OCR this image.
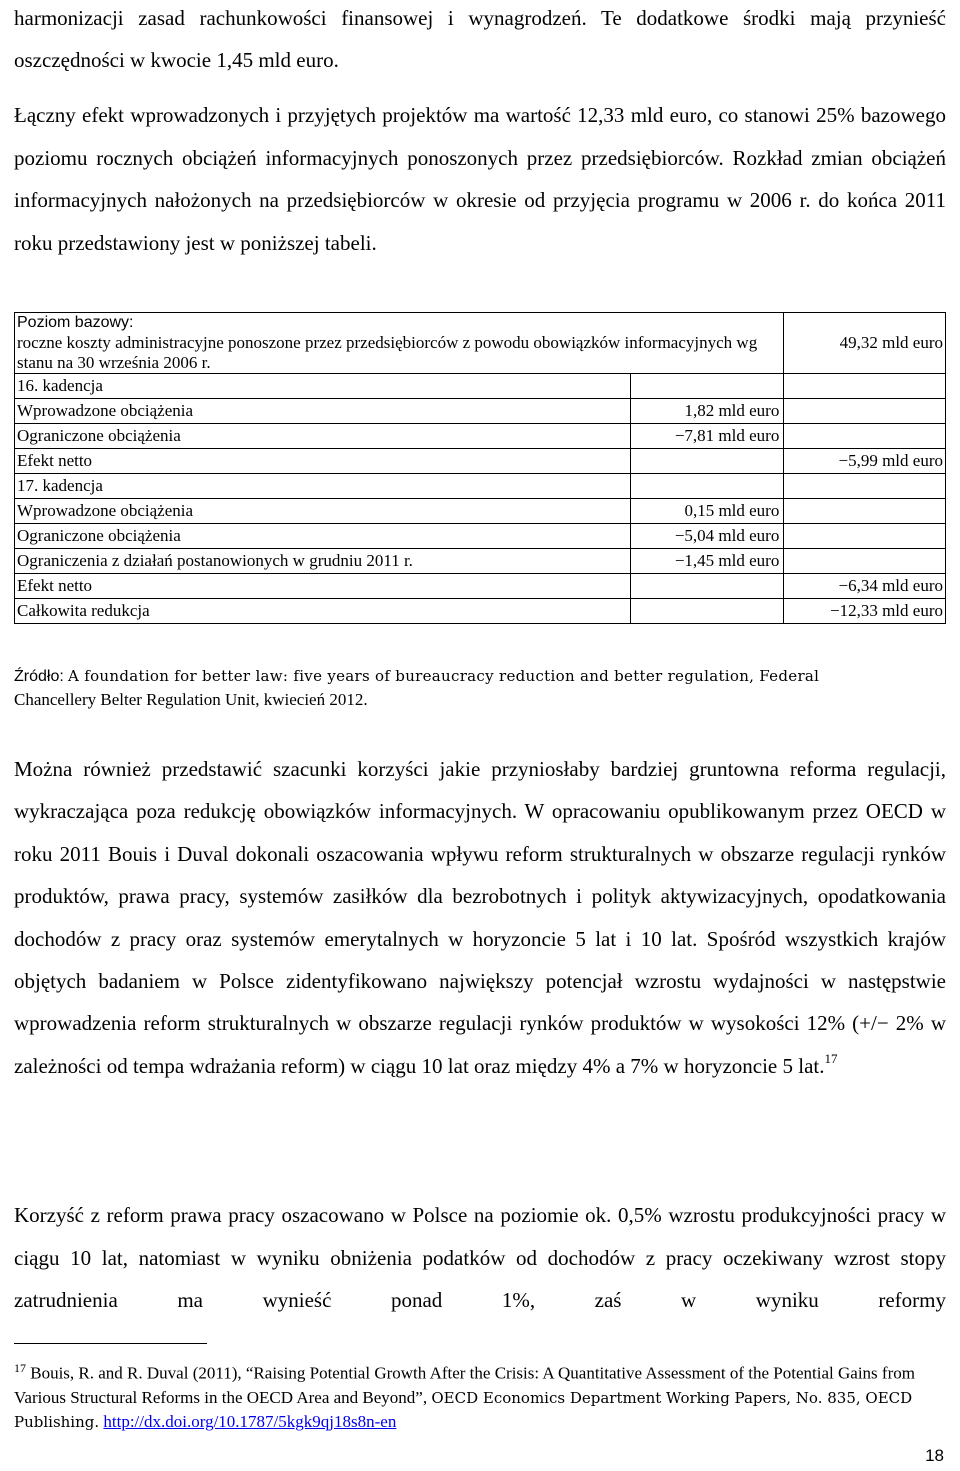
harmonizacji zasad rachunkowości finansowej i wynagrodzeń. Te dodatkowe środki mają przynieść oszczędności w kwocie 1,45 mld euro.

Łączny efekt wprowadzonych i przyjętych projektów ma wartość 12,33 mld euro, co stanowi 25% bazowego poziomu rocznych obciążeń informacyjnych ponoszonych przez przedsiębiorców. Rozkład zmian obciążeń informacyjnych nałożonych na przedsiębiorców w okresie od przyjęcia programu w 2006 r. do końca 2011 roku przedstawiony jest w poniższej tabeli.

Poziom bazowy:
roczne koszty administracyjne ponoszone przez przedsiębiorców z powodu obowiązków informacyjnych wg stanu na 30 września 2006 r.		49,32 mld euro
16. kadencja		
Wprowadzone obciążenia	1,82 mld euro	
Ograniczone obciążenia	−7,81 mld euro	
Efekt netto		−5,99 mld euro
17. kadencja		
Wprowadzone obciążenia	0,15 mld euro	
Ograniczone obciążenia	−5,04 mld euro	
Ograniczenia z działań postanowionych w grudniu 2011 r.	−1,45 mld euro	
Efekt netto		−6,34 mld euro
Całkowita redukcja		−12,33 mld euro
Źródło: A foundation for better law: five years of bureaucracy reduction and better regulation, Federal
Chancellery Belter Regulation Unit, kwiecień 2012.

Można również przedstawić szacunki korzyści jakie przyniosłaby bardziej gruntowna reforma regulacji, wykraczająca poza redukcję obowiązków informacyjnych. W opracowaniu opublikowanym przez OECD w roku 2011 Bouis i Duval dokonali oszacowania wpływu reform strukturalnych w obszarze regulacji rynków produktów, prawa pracy, systemów zasiłków dla bezrobotnych i polityk aktywizacyjnych, opodatkowania dochodów z pracy oraz systemów emerytalnych w horyzoncie 5 lat i 10 lat. Spośród wszystkich krajów objętych badaniem w Polsce zidentyfikowano największy potencjał wzrostu wydajności w następstwie wprowadzenia reform strukturalnych w obszarze regulacji rynków produktów w wysokości 12% (+/− 2% w zależności od tempa wdrażania reform) w ciągu 10 lat oraz między 4% a 7% w horyzoncie 5 lat.$^{17}$

Korzyść z reform prawa pracy oszacowano w Polsce na poziomie ok. 0,5% wzrostu produkcyjności pracy w ciągu 10 lat, natomiast w wyniku obniżenia podatków od dochodów z pracy oczekiwany wzrost stopy zatrudnienia ma wynieść ponad 1%, zaś w wyniku reformy

$^{17}$ Bouis, R. and R. Duval (2011), “Raising Potential Growth After the Crisis: A Quantitative Assessment of the Potential Gains from Various Structural Reforms in the OECD Area and Beyond”, OECD Economics Department Working Papers, No. 835, OECD Publishing. http://dx.doi.org/10.1787/5kgk9qj18s8n-en
18
